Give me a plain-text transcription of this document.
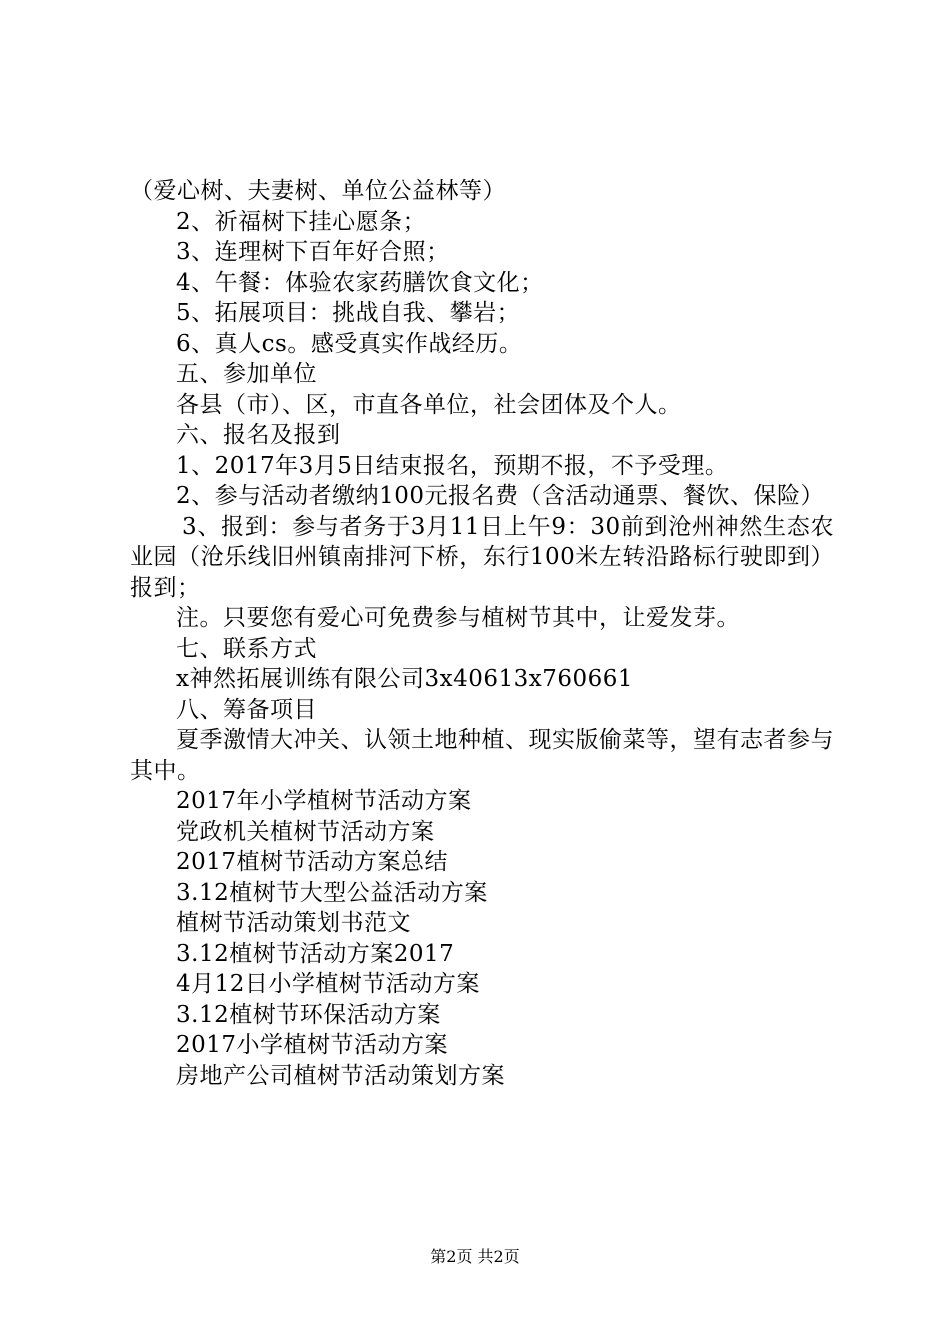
（爱心树、夫妻树、单位公益林等）
2、祈福树下挂心愿条；
3、连理树下百年好合照；
4、午餐：体验农家药膳饮食文化；
5、拓展项目：挑战自我、攀岩；
6、真人cs。感受真实作战经历。
五、参加单位
各县（市）、区，市直各单位，社会团体及个人。
六、报名及报到
1、2017年3月5日结束报名，预期不报，不予受理。
2、参与活动者缴纳100元报名费（含活动通票、餐饮、保险）
3、报到：参与者务于3月11日上午9：30前到沧州神然生态农业园（沧乐线旧州镇南排河下桥，东行100米左转沿路标行驶即到）报到；
注。只要您有爱心可免费参与植树节其中，让爱发芽。
七、联系方式
x神然拓展训练有限公司3x40613x760661
八、筹备项目
夏季激情大冲关、认领土地种植、现实版偷菜等，望有志者参与其中。
2017年小学植树节活动方案
党政机关植树节活动方案
2017植树节活动方案总结
3.12植树节大型公益活动方案
植树节活动策划书范文
3.12植树节活动方案2017
4月12日小学植树节活动方案
3.12植树节环保活动方案
2017小学植树节活动方案
房地产公司植树节活动策划方案
第2页 共2页
